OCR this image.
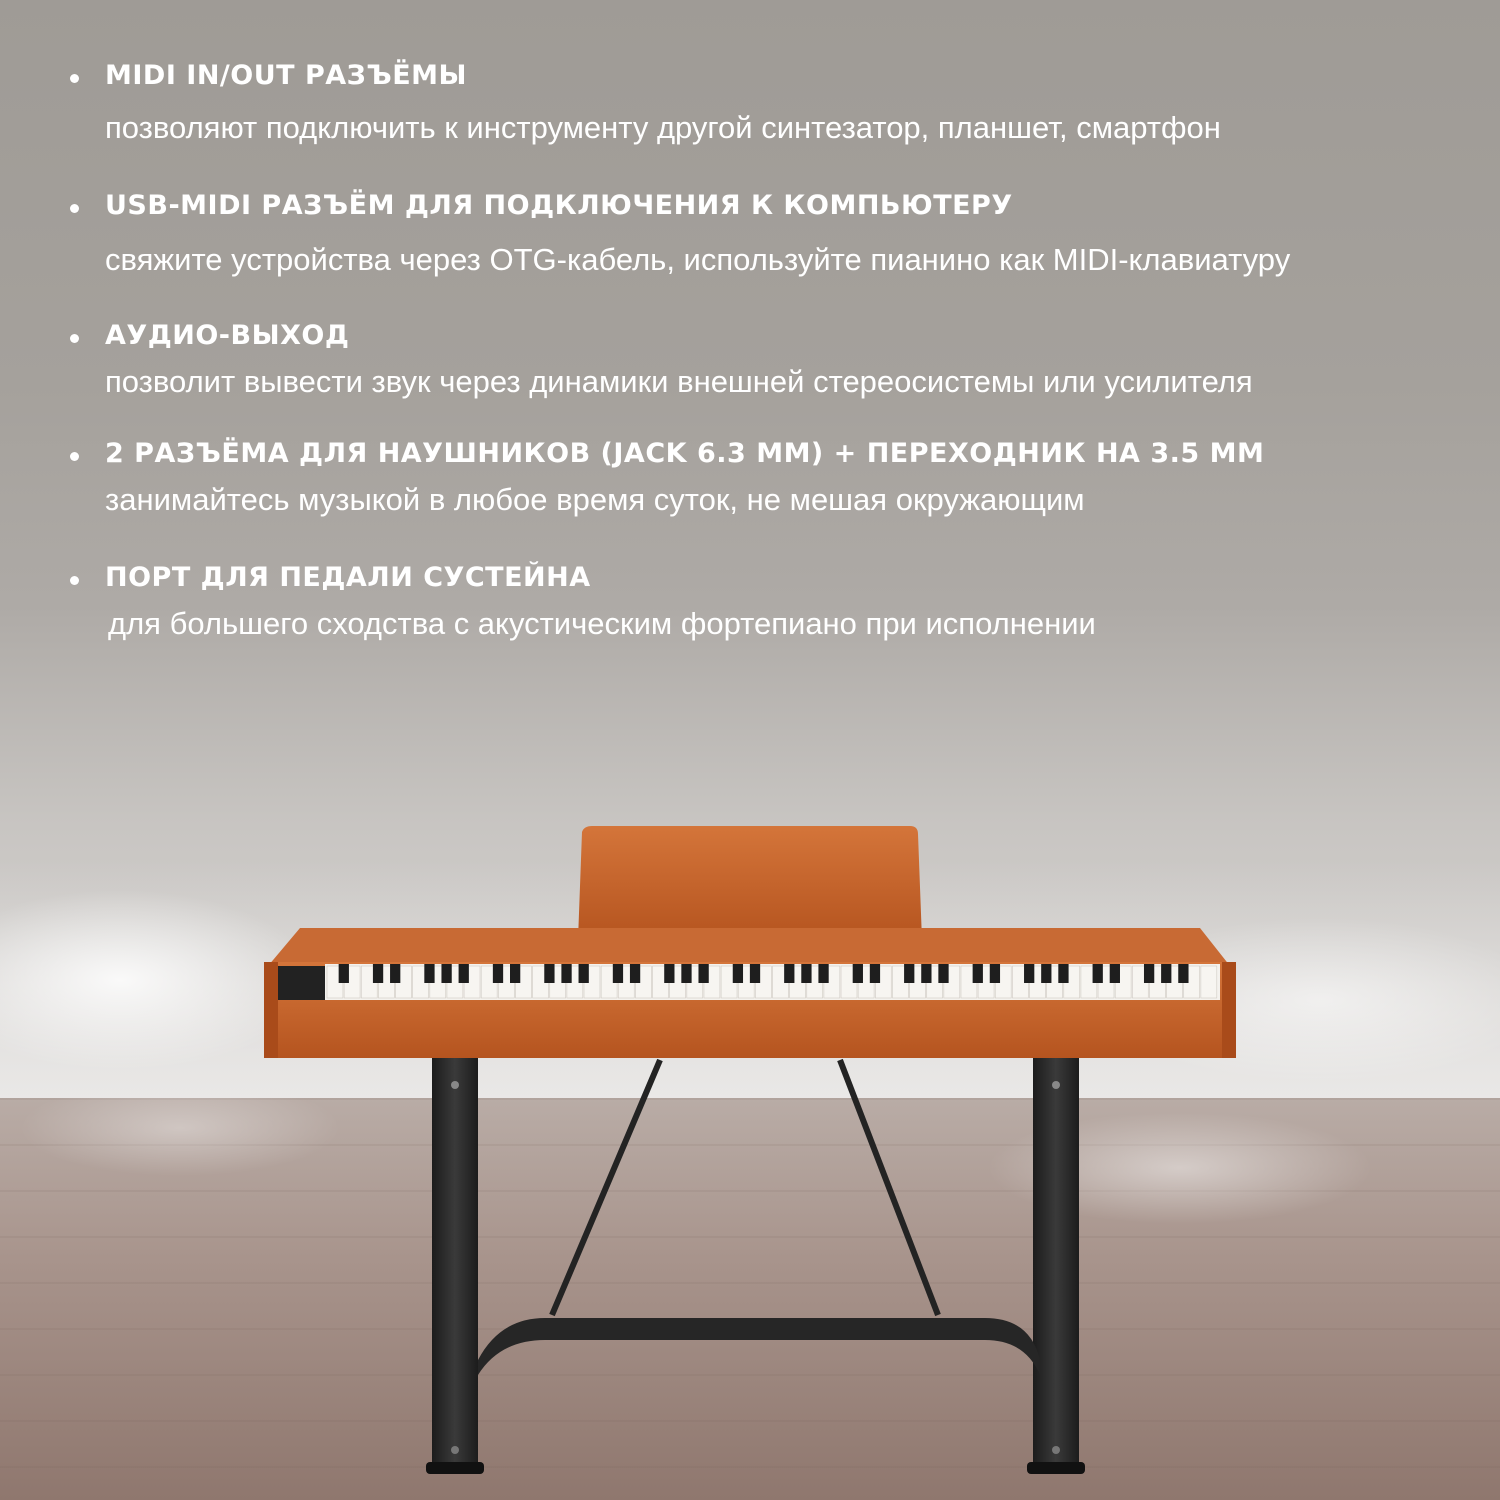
MIDI IN/OUT РАЗЪЁМЫ
позволяют подключить к инструменту другой синтезатор, планшет, смартфон
USB-MIDI РАЗЪЁМ ДЛЯ ПОДКЛЮЧЕНИЯ К КОМПЬЮТЕРУ
свяжите устройства через OTG-кабель, используйте пианино как MIDI-клавиатуру
АУДИО-ВЫХОД
позволит вывести звук через динамики внешней стереосистемы или усилителя
2 РАЗЪЁМА ДЛЯ НАУШНИКОВ (JACK 6.3 ММ) + ПЕРЕХОДНИК НА 3.5 ММ
занимайтесь музыкой в любое время суток, не мешая окружающим
ПОРТ ДЛЯ ПЕДАЛИ СУСТЕЙНА
для большего сходства с акустическим фортепиано при исполнении
